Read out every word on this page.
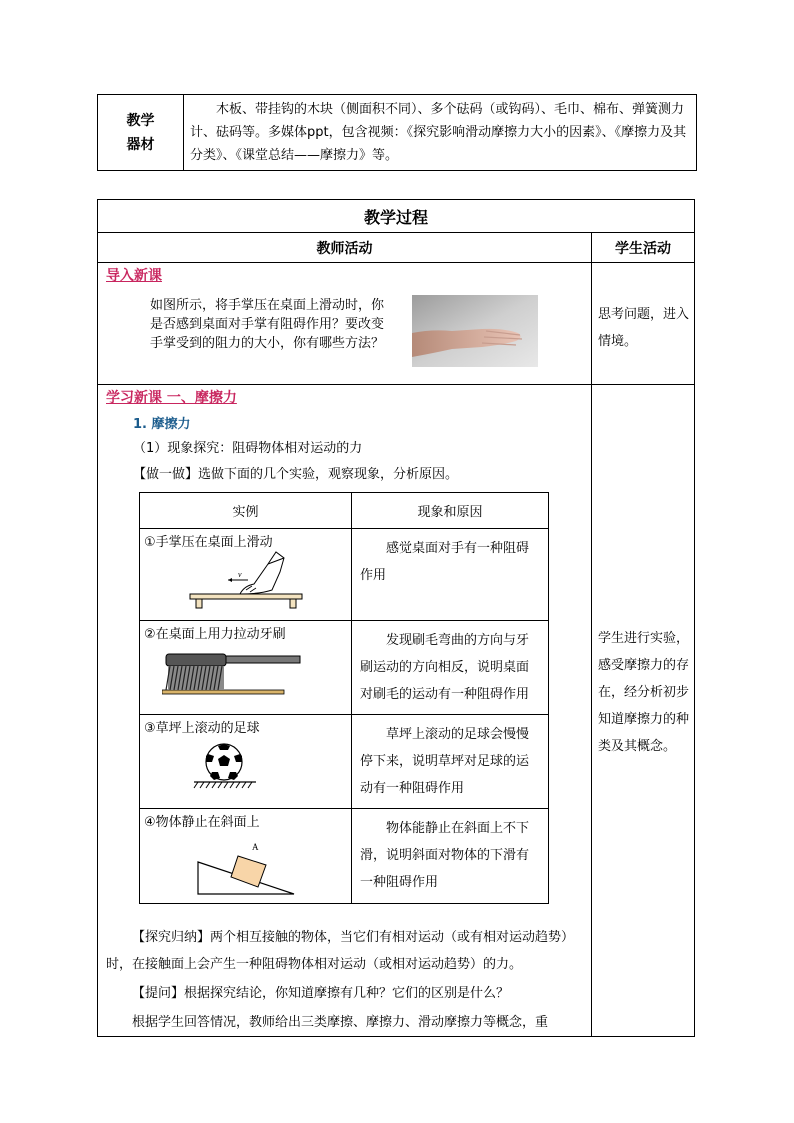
教学
器材
	木板、带挂钩的木块（侧面积不同）、多个砝码（或钩码）、毛巾、棉布、弹簧测力计、砝码等。多媒体ppt，包含视频：《探究影响滑动摩擦力大小的因素》、《摩擦力及其分类》、《课堂总结——摩擦力》等。
教学过程
教师活动	学生活动

导入新课
如图所示，将手掌压在桌面上滑动时，你是否感到桌面对手掌有阻碍作用？要改变手掌受到的阻力的大小，你有哪些方法？
	思考问题，进入情境。

学习新课 一、摩擦力
1. 摩擦力
（1）现象探究：阻碍物体相对运动的力
【做一做】选做下面的几个实验，观察现象，分析原因。
实例	现象和原因

①手掌压在桌面上滑动
v
	感觉桌面对手有一种阻碍作用

②在桌面上用力拉动牙刷	发现刷毛弯曲的方向与牙刷运动的方向相反，说明桌面对刷毛的运动有一种阻碍作用

③草坪上滚动的足球	草坪上滚动的足球会慢慢停下来，说明草坪对足球的运动有一种阻碍作用

④物体静止在斜面上
A
	物体能静止在斜面上不下滑，说明斜面对物体的下滑有一种阻碍作用
【探究归纳】两个相互接触的物体，当它们有相对运动（或有相对运动趋势）时，在接触面上会产生一种阻碍物体相对运动（或相对运动趋势）的力。
【提问】根据探究结论，你知道摩擦有几种？它们的区别是什么？
根据学生回答情况，教师给出三类摩擦、摩擦力、滑动摩擦力等概念，重
	学生进行实验，感受摩擦力的存在，经分析初步知道摩擦力的种类及其概念。
